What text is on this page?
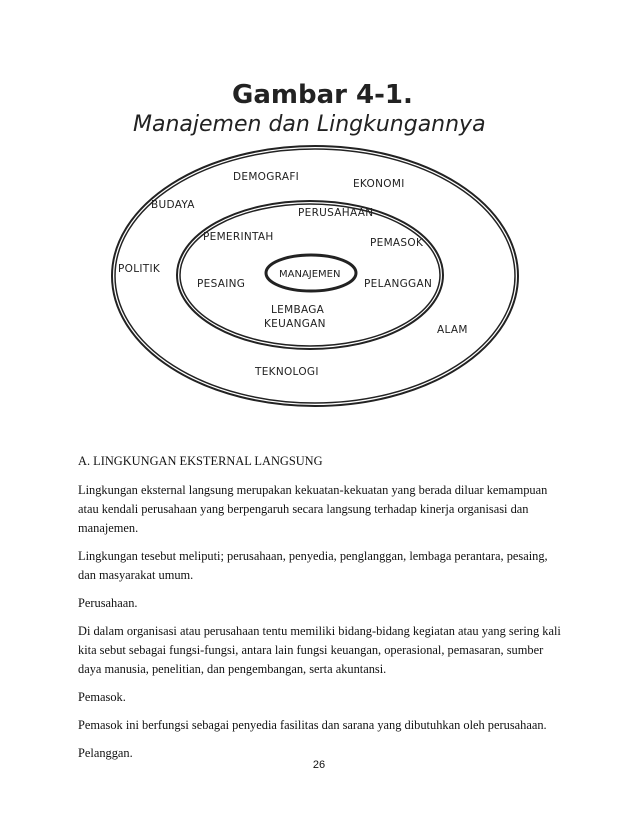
Gambar 4-1.
Manajemen dan Lingkungannya
DEMOGRAFI
EKONOMI
BUDAYA
POLITIK
ALAM
TEKNOLOGI
PERUSAHAAN
PEMERINTAH	PEMASOK
PESAING	PELANGGAN
LEMBAGA
KEUANGAN
MANAJEMEN

A. LINGKUNGAN EKSTERNAL LANGSUNG

Lingkungan eksternal langsung merupakan kekuatan-kekuatan yang berada diluar kemampuan atau kendali perusahaan yang berpengaruh secara langsung terhadap kinerja organisasi dan manajemen.

Lingkungan tesebut meliputi; perusahaan, penyedia, penglanggan, lembaga perantara, pesaing, dan masyarakat umum.

Perusahaan.

Di dalam organisasi atau perusahaan tentu memiliki bidang-bidang kegiatan atau yang sering kali kita sebut sebagai fungsi-fungsi, antara lain fungsi keuangan, operasional, pemasaran, sumber daya manusia, penelitian, dan pengembangan, serta akuntansi.

Pemasok.

Pemasok ini berfungsi sebagai penyedia fasilitas dan sarana yang dibutuhkan oleh perusahaan.

Pelanggan.

26
